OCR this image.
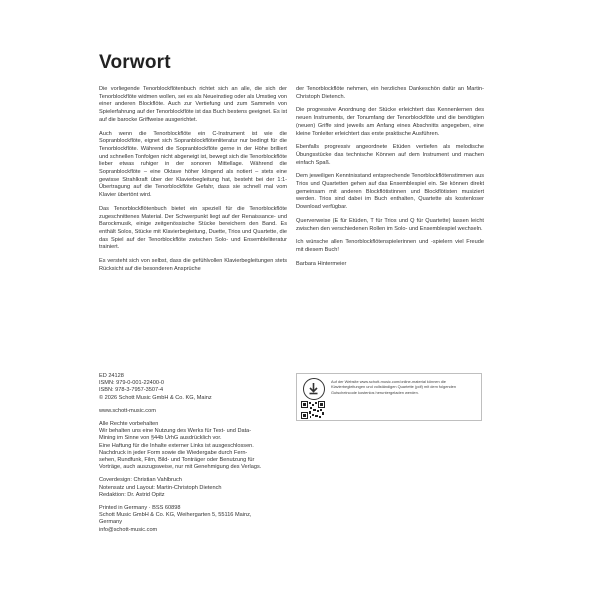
Vorwort

Die vorliegende Tenorblockflötenbuch richtet sich an alle, die sich der Tenorblockflöte widmen wollen, sei es als Neueinstieg oder als Umstieg von einer anderen Blockflöte. Auch zur Vertiefung und zum Sammeln von Spielerfahrung auf der Tenorblockflöte ist das Buch bestens geeignet. Es ist auf die barocke Griffweise ausgerichtet.

Auch wenn die Tenorblockflöte ein C-Instrument ist wie die Sopranblockflöte, eignet sich Sopranblockflötenliteratur nur bedingt für die Tenorblockflöte. Während die Sopranblockflöte gerne in der Höhe brilliert und schnellen Tonfolgen nicht abgeneigt ist, bewegt sich die Tenorblockflöte lieber etwas ruhiger in der sonoren Mittellage. Während die Sopranblockflöte – eine Oktave höher klingend als notiert – stets eine gewisse Strahlkraft über der Klavierbegleitung hat, besteht bei der 1:1-Übertragung auf die Tenorblockflöte Gefahr, dass sie schnell mal vom Klavier übertönt wird.

Das Tenorblockflötenbuch bietet ein speziell für die Tenorblockflöte zugeschnittenes Material. Der Schwerpunkt liegt auf der Renaissance- und Barockmusik, einige zeitgenössische Stücke bereichern den Band. Es enthält Solos, Stücke mit Klavierbegleitung, Duette, Trios und Quartette, die das Spiel auf der Tenorblockflöte zwischen Solo- und Ensembleliteratur trainiert.

Es versteht sich von selbst, dass die gefühlvollen Klavierbegleitungen stets Rücksicht auf die besonderen Ansprüche

der Tenorblockflöte nehmen, ein herzliches Dankeschön dafür an Martin-Christoph Dietench.

Die progressive Anordnung der Stücke erleichtert das Kennenlernen des neuen Instruments, der Tonumfang der Tenorblockflöte und die benötigten (neuen) Griffe sind jeweils am Anfang eines Abschnitts angegeben, eine kleine Tonleiter erleichtert das erste praktische Ausführen.

Ebenfalls progressiv angeordnete Etüden vertiefen als melodische Übungsstücke das technische Können auf dem Instrument und machen einfach Spaß.

Dem jeweiligen Kenntnisstand entsprechende Tenorblockflötenstimmen aus Trios und Quartetten gehen auf das Ensemblespiel ein. Sie können direkt gemeinsam mit anderen Blockflötistinnen und Blockflötisten musiziert werden. Trios sind dabei im Buch enthalten, Quartette als kostenloser Download verfügbar.

Querverweise (E für Etüden, T für Trios und Q für Quartette) lassen leicht zwischen den verschiedenen Rollen im Solo- und Ensemblespiel wechseln.

Ich wünsche allen Tenorblockflötenspielerinnen und -spielern viel Freude mit diesem Buch!

Barbara Hintermeier

ED 24128
ISMN: 979-0-001-22400-0
ISBN: 978-3-7957-3507-4
© 2026 Schott Music GmbH & Co. KG, Mainz
www.schott-music.com
Alle Rechte vorbehalten
Wir behalten uns eine Nutzung des Werks für Text- und Data-
Mining im Sinne von §44b UrhG ausdrücklich vor.
Eine Haftung für die Inhalte externer Links ist ausgeschlossen.
Nachdruck in jeder Form sowie die Wiedergabe durch Fern-
sehen, Rundfunk, Film, Bild- und Tonträger oder Benutzung für
Vorträge, auch auszugsweise, nur mit Genehmigung des Verlags.
Coverdesign: Christian Vahlbruch
Notensatz und Layout: Martin-Christoph Dietench
Redaktion: Dr. Astrid Opitz
Printed in Germany · BSS 60898
Schott Music GmbH & Co. KG, Weihergarten 5, 55116 Mainz,
Germany
info@schott-music.com
Auf der Website www.schott-music.com/online-material können die Klavierbegleitungen und vollständigen Quartette (pdf) mit dem folgenden Gutscheincode kostenlos heruntergeladen werden.
